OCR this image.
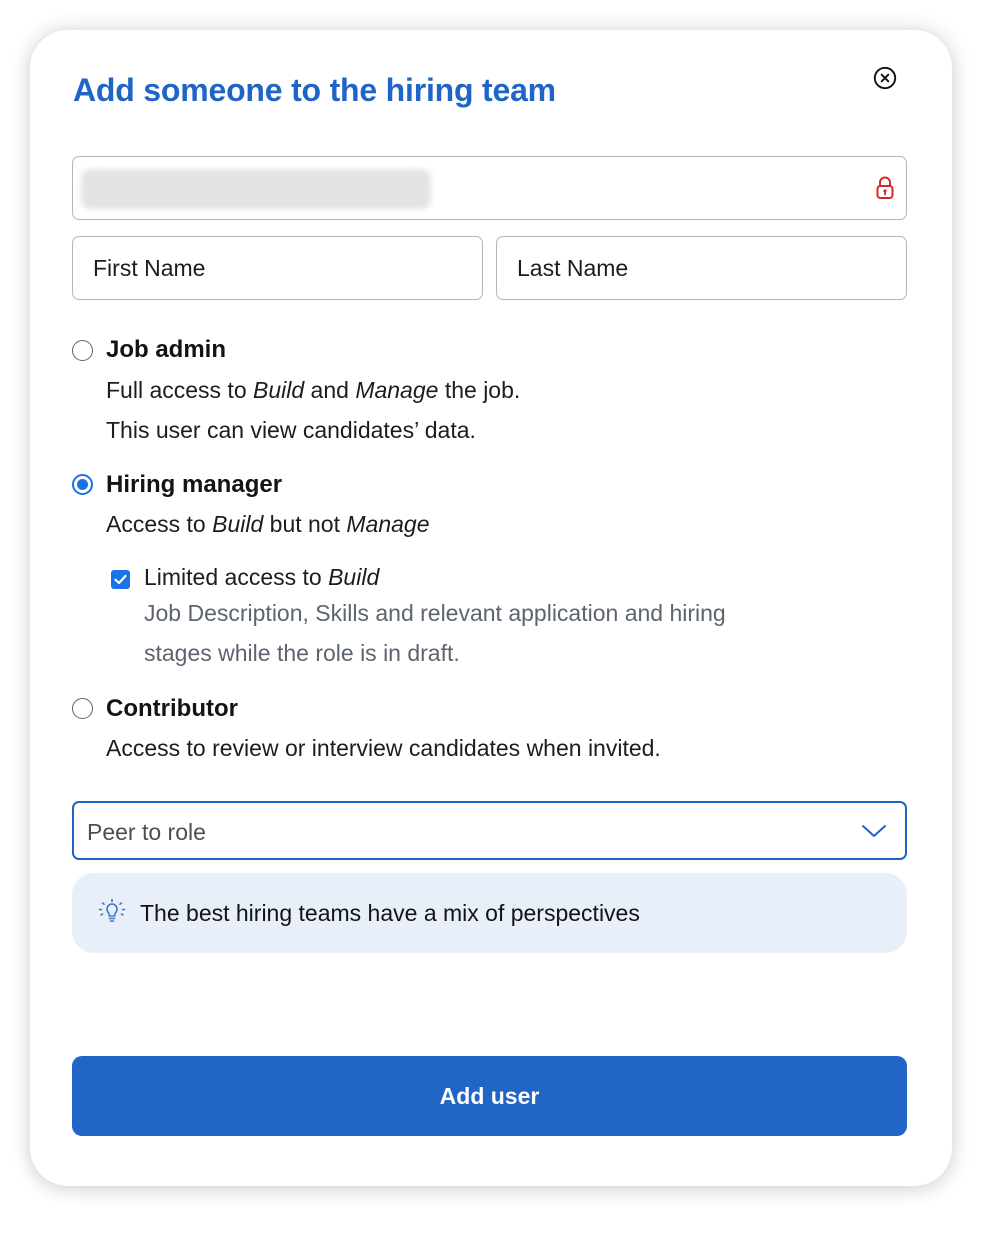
Add someone to the hiring team
First Name
Last Name
Job admin
Full access to Build and Manage the job.
This user can view candidates’ data.
Hiring manager
Access to Build but not Manage
Limited access to Build
Job Description, Skills and relevant application and hiring
stages while the role is in draft.
Contributor
Access to review or interview candidates when invited.
Peer to role
The best hiring teams have a mix of perspectives
Add user
